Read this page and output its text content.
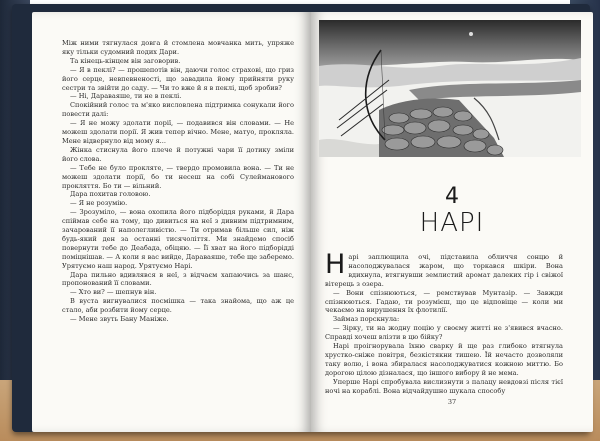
Між ними тягнулася довга й стомлена мовчанка мить, упряже яку тільки судомний подих Дари.

Та кінець-кінцем він заговорив.

— Я в пеклі? — прошепотів він, даючи голос страхові, що гриз його серце, невпевненості, що завадила йому прийняти руку сестри та звійти до саду. — Чи то вже й я в пеклі, щоб зробив?

— Ні, Дараваяше, ти не в пеклі.

Спокійний голос та м'яко висловлена підтримка сонукали його повести далі:

— Я не можу здолати порії, — подавився він словами. — Не можеш здолати порії. Я жив тепер вічно. Мене, матуо, прокляла. Мене відвернуло від мому я...

Жінка стиснула його плече й потужні чари її дотику зміли його слова.

— Тебе не було прокляте, — твердо промовила вона. — Ти не можеш здолати порії, бо ти несеш на собі Сулейманового прокляття. Бо ти — вільний.

Дара похитав головою.

— Я не розумію.

— Зрозуміло, — вона охопила його підборіддя руками, й Дара спіймав себе на тому, що дивиться на неї з дивним підтримним, зачарований її наполегливістю. — Ти отримав більше сил, ніж будь-який ден за останні тисячоліття. Ми знайдемо спосіб повернути тебе до Деабада, обіцяю. — Її хват на його підборідді поміцнішав. — А коли я вас вийде, Дараваяше, тебе ще заберемо. Урятуємо наш народ. Урятуємо Нарі.

Дара пильно вдивлявся в неї, з відчаєм хапаючись за шанс, пропонований її словами.

— Хто ви? — шепнув він.

В вуста вигнувалися посмішка — така знайома, що аж це стало, аби розбити йому серце.

— Мене звуть Бану Маніже.

4
НАРІ

Нарі заплющила очі, підставила обличчя сонцю й насолоджувалася жаром, що торкався шкіри. Вона вдихнула, втягнувши землистий аромат далеких гір і свіжої вітерець з озера.

— Вони спізнюються, — ремствував Мунтазір. — Завжди спізнюються. Гадаю, ти розумієш, що це відповіще — коли ми чекаємо на вирушення їх флотилії.

Займаз порскнула:

— Зірку, ти на жодну поцію у своєму житті не з'явився вчасно. Справді хочеш влізти в цю бійку?

Нарі проігнорувала їхню сварку й ще раз глибоко втягнула хрустко-сніже повітря, безкістякни тишею. Їй нечасто дозволяли таку волю, і вона збиралася насолоджуватися кожною миттю. Бо дорогою цілою дізналася, що іншого вибору й не мема.

Уперше Нарі спробувала вислизнути з палацу невдовзі після тієї ночі на кораблі. Вона відчайдушно шукала способу

37
